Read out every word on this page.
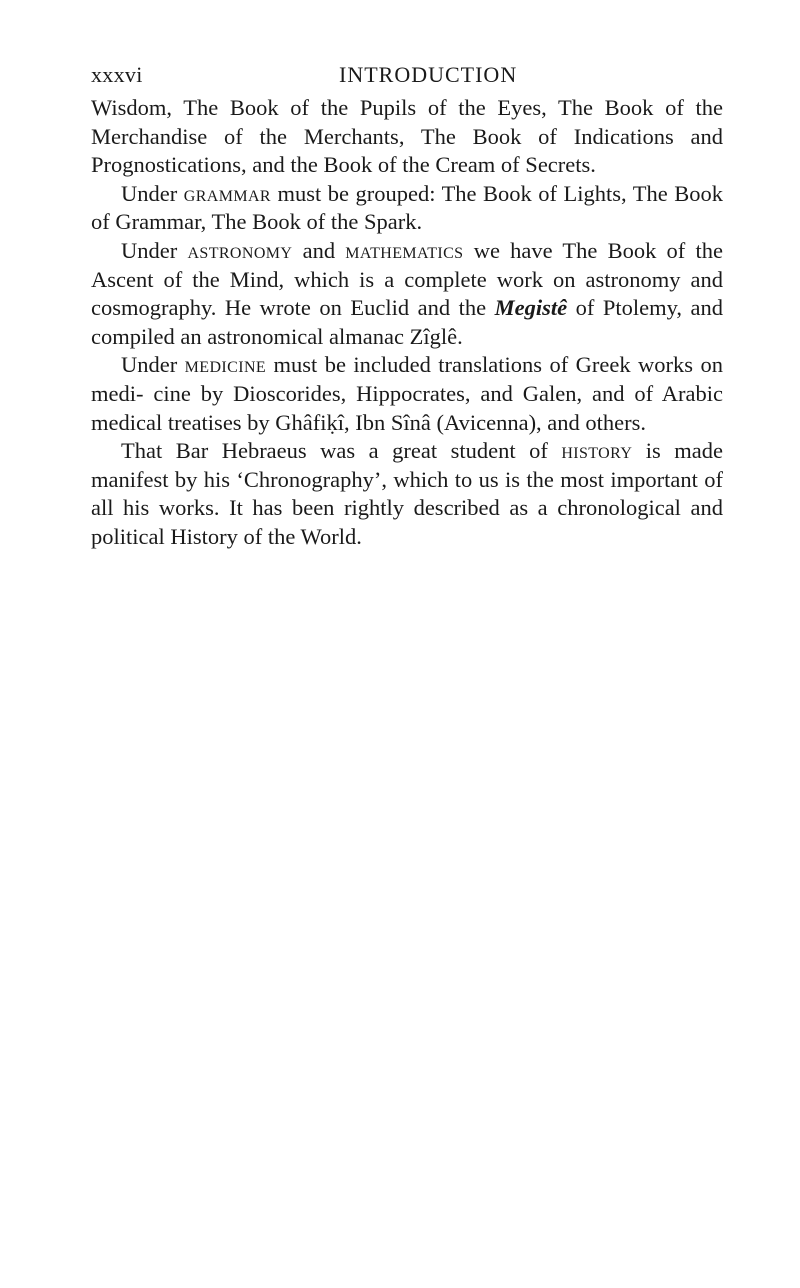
xxxvi	INTRODUCTION

Wisdom, The Book of the Pupils of the Eyes, The Book of the Merchandise of the Merchants, The Book of Indications and Prognostications, and the Book of the Cream of Secrets.

Under grammar must be grouped: The Book of Lights, The Book of Grammar, The Book of the Spark.

Under astronomy and mathematics we have The Book of the Ascent of the Mind, which is a complete work on astronomy and cosmography. He wrote on Euclid and the Megistê of Ptolemy, and compiled an astronomical almanac Zîglê.

Under medicine must be included translations of Greek works on medi- cine by Dioscorides, Hippocrates, and Galen, and of Arabic medical treatises by Ghâfiḳî, Ibn Sînâ (Avicenna), and others.

That Bar Hebraeus was a great student of history is made manifest by his ‘Chronography’, which to us is the most important of all his works. It has been rightly described as a chronological and political History of the World.
